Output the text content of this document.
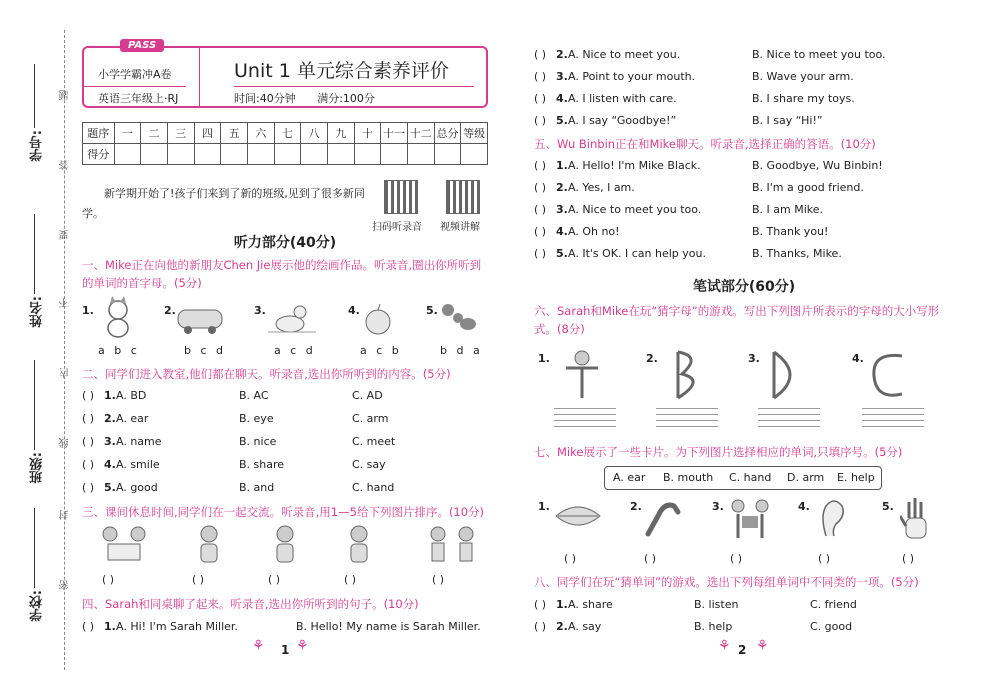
学号:
姓名:
班级:
学校:
题
答
要
不
内
线
封
密
PASS
小学学霸冲A卷
英语三年级上·RJ
Unit 1 单元综合素养评价
时间:40分钟 满分:100分
题序	一	二	三	四	五	六	七	八	九	十	十一	十二	总分	等级
得分														

新学期开始了!孩子们来到了新的班级,见到了很多新同学。

扫码听录音 视频讲解
听力部分(40分)
一、Mike正在向他的新朋友Chen Jie展示他的绘画作品。听录音,圈出你所听到的单词的首字母。(5分)
1.
a b c
2.
b c d
3.
a c d
4.
a c b
5.
b d a
二、同学们进入教室,他们都在聊天。听录音,选出你所听到的内容。(5分)
( ) 1. A. BD	B. AC	C. AD
( ) 2. A. ear	B. eye	C. arm
( ) 3. A. name	B. nice	C. meet
( ) 4. A. smile	B. share	C. say
( ) 5. A. good	B. and	C. hand
三、课间休息时间,同学们在一起交流。听录音,用1—5给下列图片排序。(10分)
( )	( )	( )	( )	( )
四、Sarah和同桌聊了起来。听录音,选出你所听到的句子。(10分)
( ) 1. A. Hi! I'm Sarah Miller.	B. Hello! My name is Sarah Miller.
⚘ 1 ⚘
( ) 2. A. Nice to meet you.	B. Nice to meet you too.
( ) 3. A. Point to your mouth.	B. Wave your arm.
( ) 4. A. I listen with care.	B. I share my toys.
( ) 5. A. I say “Goodbye!”	B. I say “Hi!”
五、Wu Binbin正在和Mike聊天。听录音,选择正确的答语。(10分)
( ) 1. A. Hello! I'm Mike Black.	B. Goodbye, Wu Binbin!
( ) 2. A. Yes, I am.	B. I'm a good friend.
( ) 3. A. Nice to meet you too.	B. I am Mike.
( ) 4. A. Oh no!	B. Thank you!
( ) 5. A. It's OK. I can help you.	B. Thanks, Mike.
笔试部分(60分)
六、Sarah和Mike在玩“猜字母”的游戏。写出下列图片所表示的字母的大小写形式。(8分)
1.	2.	3.	4.
七、Mike展示了一些卡片。为下列图片选择相应的单词,只填序号。(5分)
A. ear B. mouth C. hand D. arm E. help
1.	2.	3.	4.	5.
( )	( )	( )	( )	( )
八、同学们在玩“猜单词”的游戏。选出下列每组单词中不同类的一项。(5分)
( ) 1. A. share	B. listen	C. friend
( ) 2. A. say	B. help	C. good
⚘ 2 ⚘
